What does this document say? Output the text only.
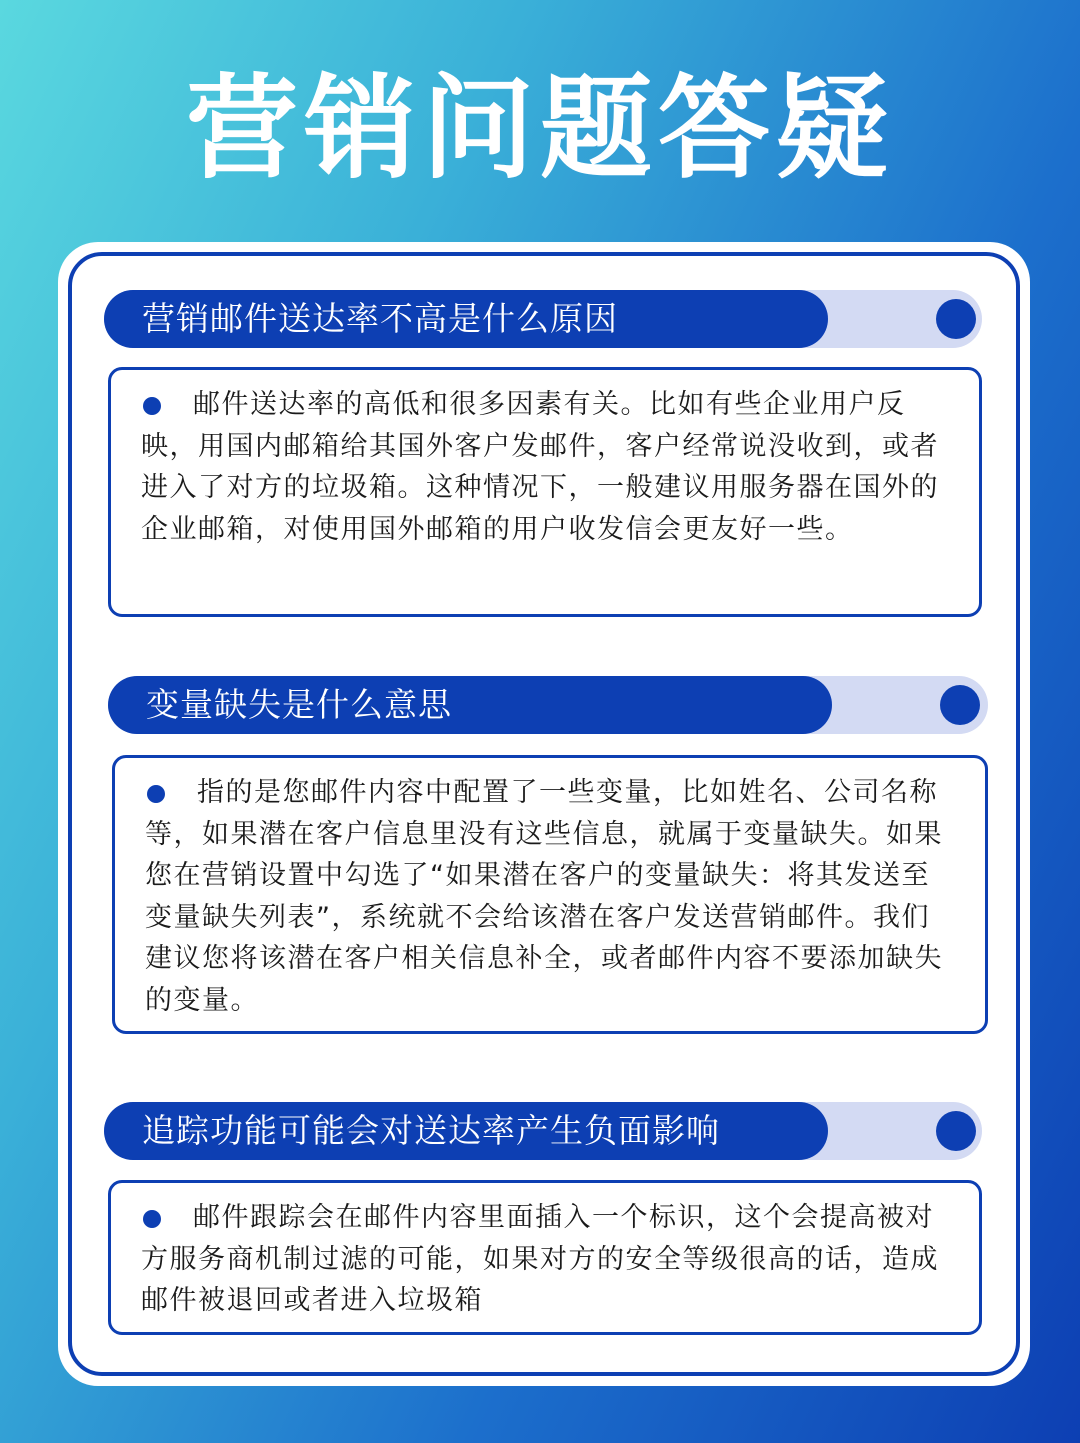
营销问题答疑
营销邮件送达率不高是什么原因
邮件送达率的高低和很多因素有关。比如有些企业用户反映，用国内邮箱给其国外客户发邮件，客户经常说没收到，或者进入了对方的垃圾箱。这种情况下，一般建议用服务器在国外的企业邮箱，对使用国外邮箱的用户收发信会更友好一些。
变量缺失是什么意思
指的是您邮件内容中配置了一些变量，比如姓名、公司名称等，如果潜在客户信息里没有这些信息，就属于变量缺失。如果您在营销设置中勾选了“如果潜在客户的变量缺失：将其发送至变量缺失列表”，系统就不会给该潜在客户发送营销邮件。我们建议您将该潜在客户相关信息补全，或者邮件内容不要添加缺失的变量。
追踪功能可能会对送达率产生负面影响
邮件跟踪会在邮件内容里面插入一个标识，这个会提高被对方服务商机制过滤的可能，如果对方的安全等级很高的话，造成邮件被退回或者进入垃圾箱
